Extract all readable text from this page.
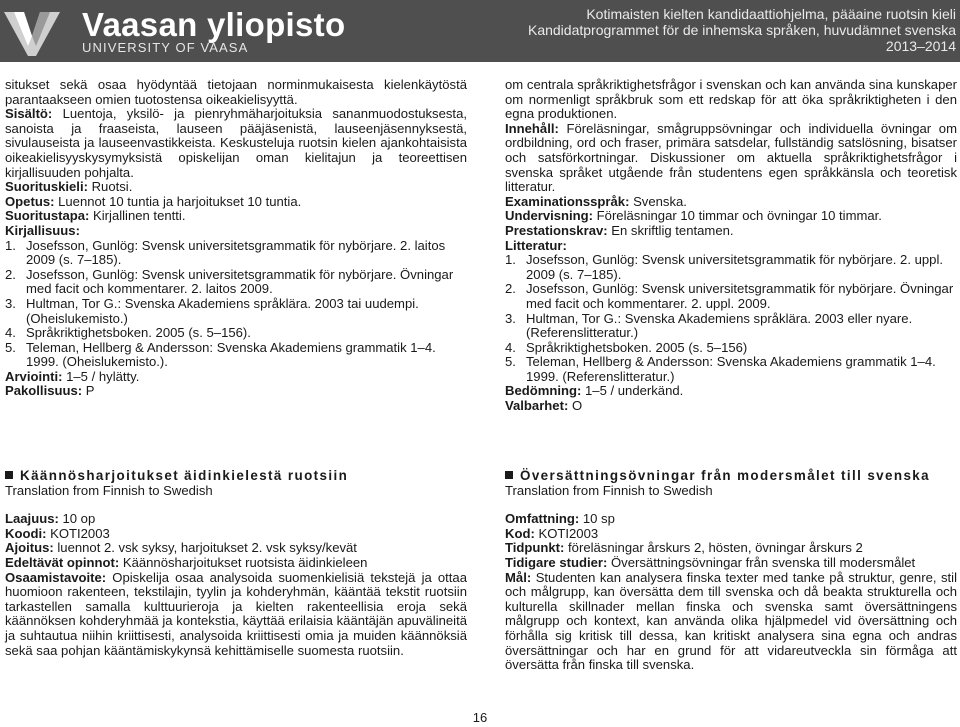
Vaasan yliopisto
UNIVERSITY OF VAASA
Kotimaisten kielten kandidaattiohjelma, pääaine ruotsin kieli
Kandidatprogrammet för de inhemska språken, huvudämnet svenska
2013–2014

situkset sekä osaa hyödyntää tietojaan norminmukaisesta kielenkäytöstä parantaakseen omien tuotostensa oikeakielisyyttä.

Sisältö: Luentoja, yksilö- ja pienryhmäharjoituksia sananmuodostuksesta, sanoista ja fraaseista, lauseen pääjäsenistä, lauseenjäsennyksestä, sivulauseista ja lauseenvastikkeista. Keskusteluja ruotsin kielen ajankohtaisista oikeakielisyyskysymyksistä opiskelijan oman kielitajun ja teoreettisen kirjallisuuden pohjalta.

Suorituskieli: Ruotsi.

Opetus: Luennot 10 tuntia ja harjoitukset 10 tuntia.

Suoritustapa: Kirjallinen tentti.

Kirjallisuus:

1. Josefsson, Gunlög: Svensk universitetsgrammatik för nybörjare. 2. laitos 2009 (s. 7–185).
2. Josefsson, Gunlög: Svensk universitetsgrammatik för nybörjare. Övningar med facit och kommentarer. 2. laitos 2009.
3. Hultman, Tor G.: Svenska Akademiens språklära. 2003 tai uudempi. (Oheislukemisto.)
4. Språkriktighetsboken. 2005 (s. 5–156).
5. Teleman, Hellberg & Andersson: Svenska Akademiens grammatik 1–4. 1999. (Oheislukemisto.).

Arviointi: 1–5 / hylätty.

Pakollisuus: P

om centrala språkriktighetsfrågor i svenskan och kan använda sina kunskaper om normenligt språkbruk som ett redskap för att öka språkriktigheten i den egna produktionen.

Innehåll: Föreläsningar, smågruppsövningar och individuella övningar om ordbildning, ord och fraser, primära satsdelar, fullständig satslösning, bisatser och satsförkortningar. Diskussioner om aktuella språkriktighetsfrågor i svenska språket utgående från studentens egen språkkänsla och teoretisk litteratur.

Examinationsspråk: Svenska.

Undervisning: Föreläsningar 10 timmar och övningar 10 timmar.

Prestationskrav: En skriftlig tentamen.

Litteratur:

1. Josefsson, Gunlög: Svensk universitetsgrammatik för nybörjare. 2. uppl. 2009 (s. 7–185).
2. Josefsson, Gunlög: Svensk universitetsgrammatik för nybörjare. Övningar med facit och kommentarer. 2. uppl. 2009.
3. Hultman, Tor G.: Svenska Akademiens språklära. 2003 eller nyare. (Referenslitteratur.)
4. Språkriktighetsboken. 2005 (s. 5–156)
5. Teleman, Hellberg & Andersson: Svenska Akademiens grammatik 1–4. 1999. (Referenslitteratur.)

Bedömning: 1–5 / underkänd.

Valbarhet: O

Käännösharjoitukset äidinkielestä ruotsiin

Translation from Finnish to Swedish

Laajuus: 10 op

Koodi: KOTI2003

Ajoitus: luennot 2. vsk syksy, harjoitukset 2. vsk syksy/kevät

Edeltävät opinnot: Käännösharjoitukset ruotsista äidinkieleen

Osaamistavoite: Opiskelija osaa analysoida suomenkielisiä tekstejä ja ottaa huomioon rakenteen, tekstilajin, tyylin ja kohderyhmän, kääntää tekstit ruotsiin tarkastellen samalla kulttuurieroja ja kielten rakenteellisia eroja sekä käännöksen kohderyhmää ja kontekstia, käyttää erilaisia kääntäjän apuvälineitä ja suhtautua niihin kriittisesti, analysoida kriittisesti omia ja muiden käännöksiä sekä saa pohjan kääntämiskykynsä kehittämiselle suomesta ruotsiin.

Översättningsövningar från modersmålet till svenska

Translation from Finnish to Swedish

Omfattning: 10 sp

Kod: KOTI2003

Tidpunkt: föreläsningar årskurs 2, hösten, övningar årskurs 2

Tidigare studier: Översättningsövningar från svenska till modersmålet

Mål: Studenten kan analysera finska texter med tanke på struktur, genre, stil och målgrupp, kan översätta dem till svenska och då beakta strukturella och kulturella skillnader mellan finska och svenska samt översättningens målgrupp och kontext, kan använda olika hjälpmedel vid översättning och förhålla sig kritisk till dessa, kan kritiskt analysera sina egna och andras översättningar och har en grund för att vidareutveckla sin förmåga att översätta från finska till svenska.

16
